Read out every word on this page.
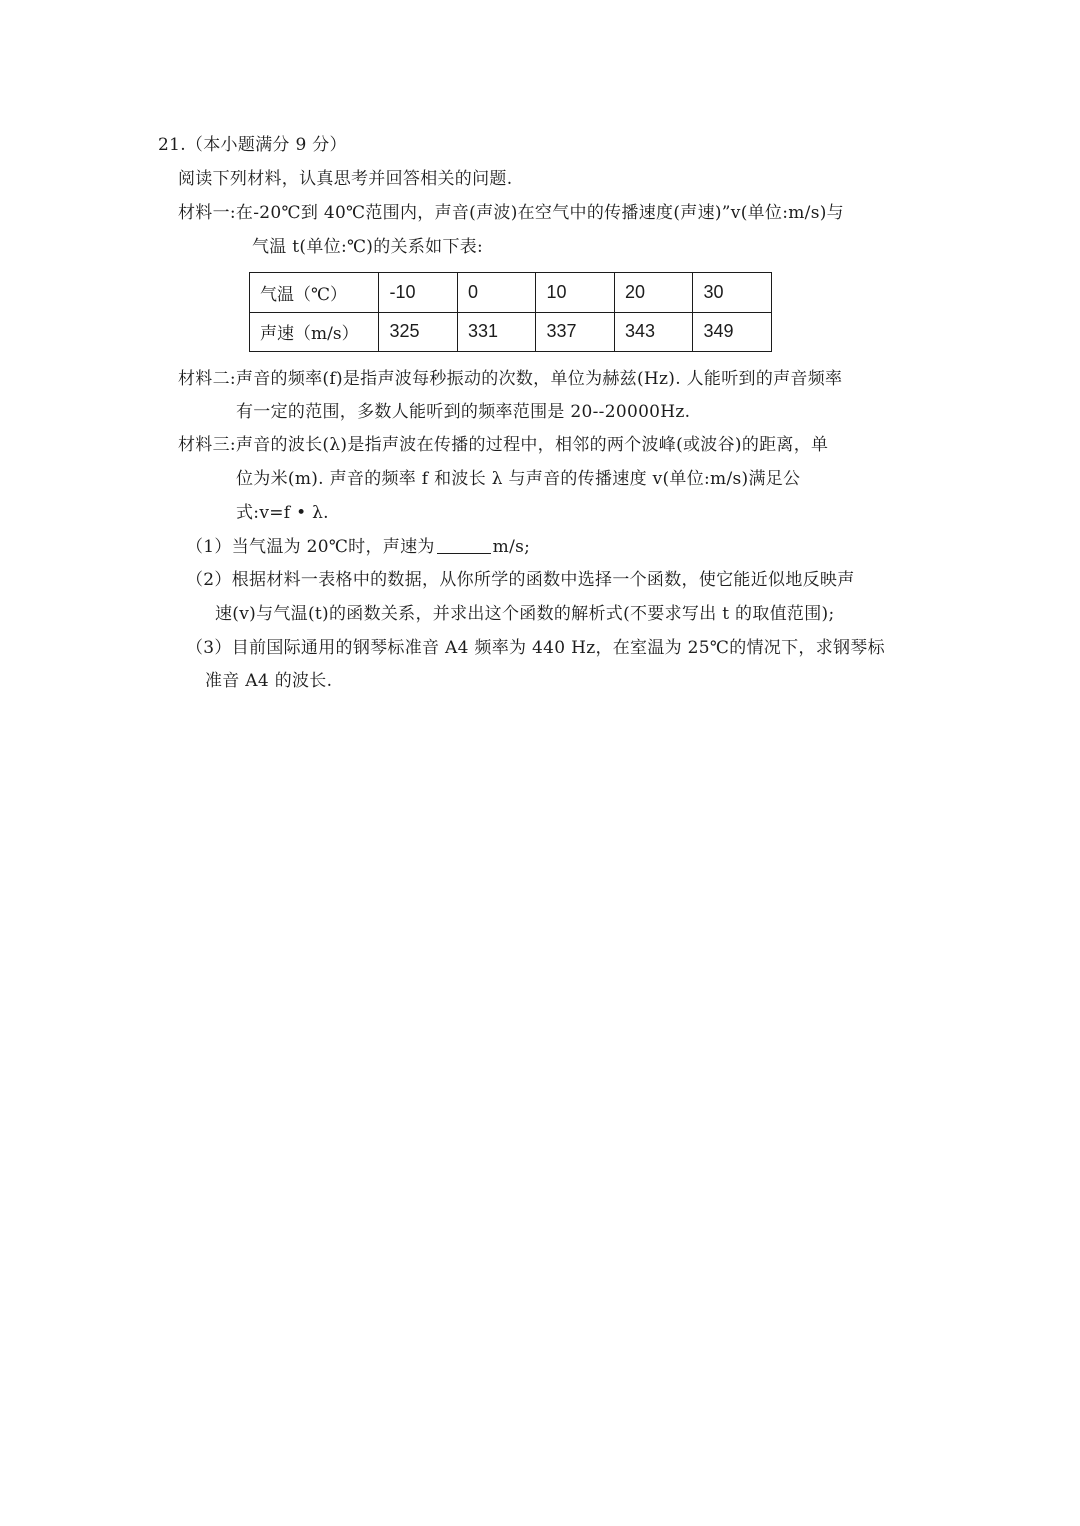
21.（本小题满分 9 分）
阅读下列材料，认真思考并回答相关的问题.
材料一:在-20℃到 40℃范围内，声音(声波)在空气中的传播速度(声速)”v(单位:m/s)与
气温 t(单位:℃)的关系如下表:
气温（℃）	-10	0	10	20	30
声速（m/s）	325	331	337	343	349
材料二:声音的频率(f)是指声波每秒振动的次数，单位为赫兹(Hz). 人能听到的声音频率
有一定的范围，多数人能听到的频率范围是 20--20000Hz.
材料三:声音的波长(λ)是指声波在传播的过程中，相邻的两个波峰(或波谷)的距离，单
位为米(m). 声音的频率 f 和波长 λ 与声音的传播速度 v(单位:m/s)满足公
式:v=f • λ.
（1）当气温为 20℃时，声速为	m/s;
（2）根据材料一表格中的数据，从你所学的函数中选择一个函数，使它能近似地反映声
速(v)与气温(t)的函数关系，并求出这个函数的解析式(不要求写出 t 的取值范围);
（3）目前国际通用的钢琴标准音 A4 频率为 440 Hz，在室温为 25℃的情况下，求钢琴标
准音 A4 的波长.
